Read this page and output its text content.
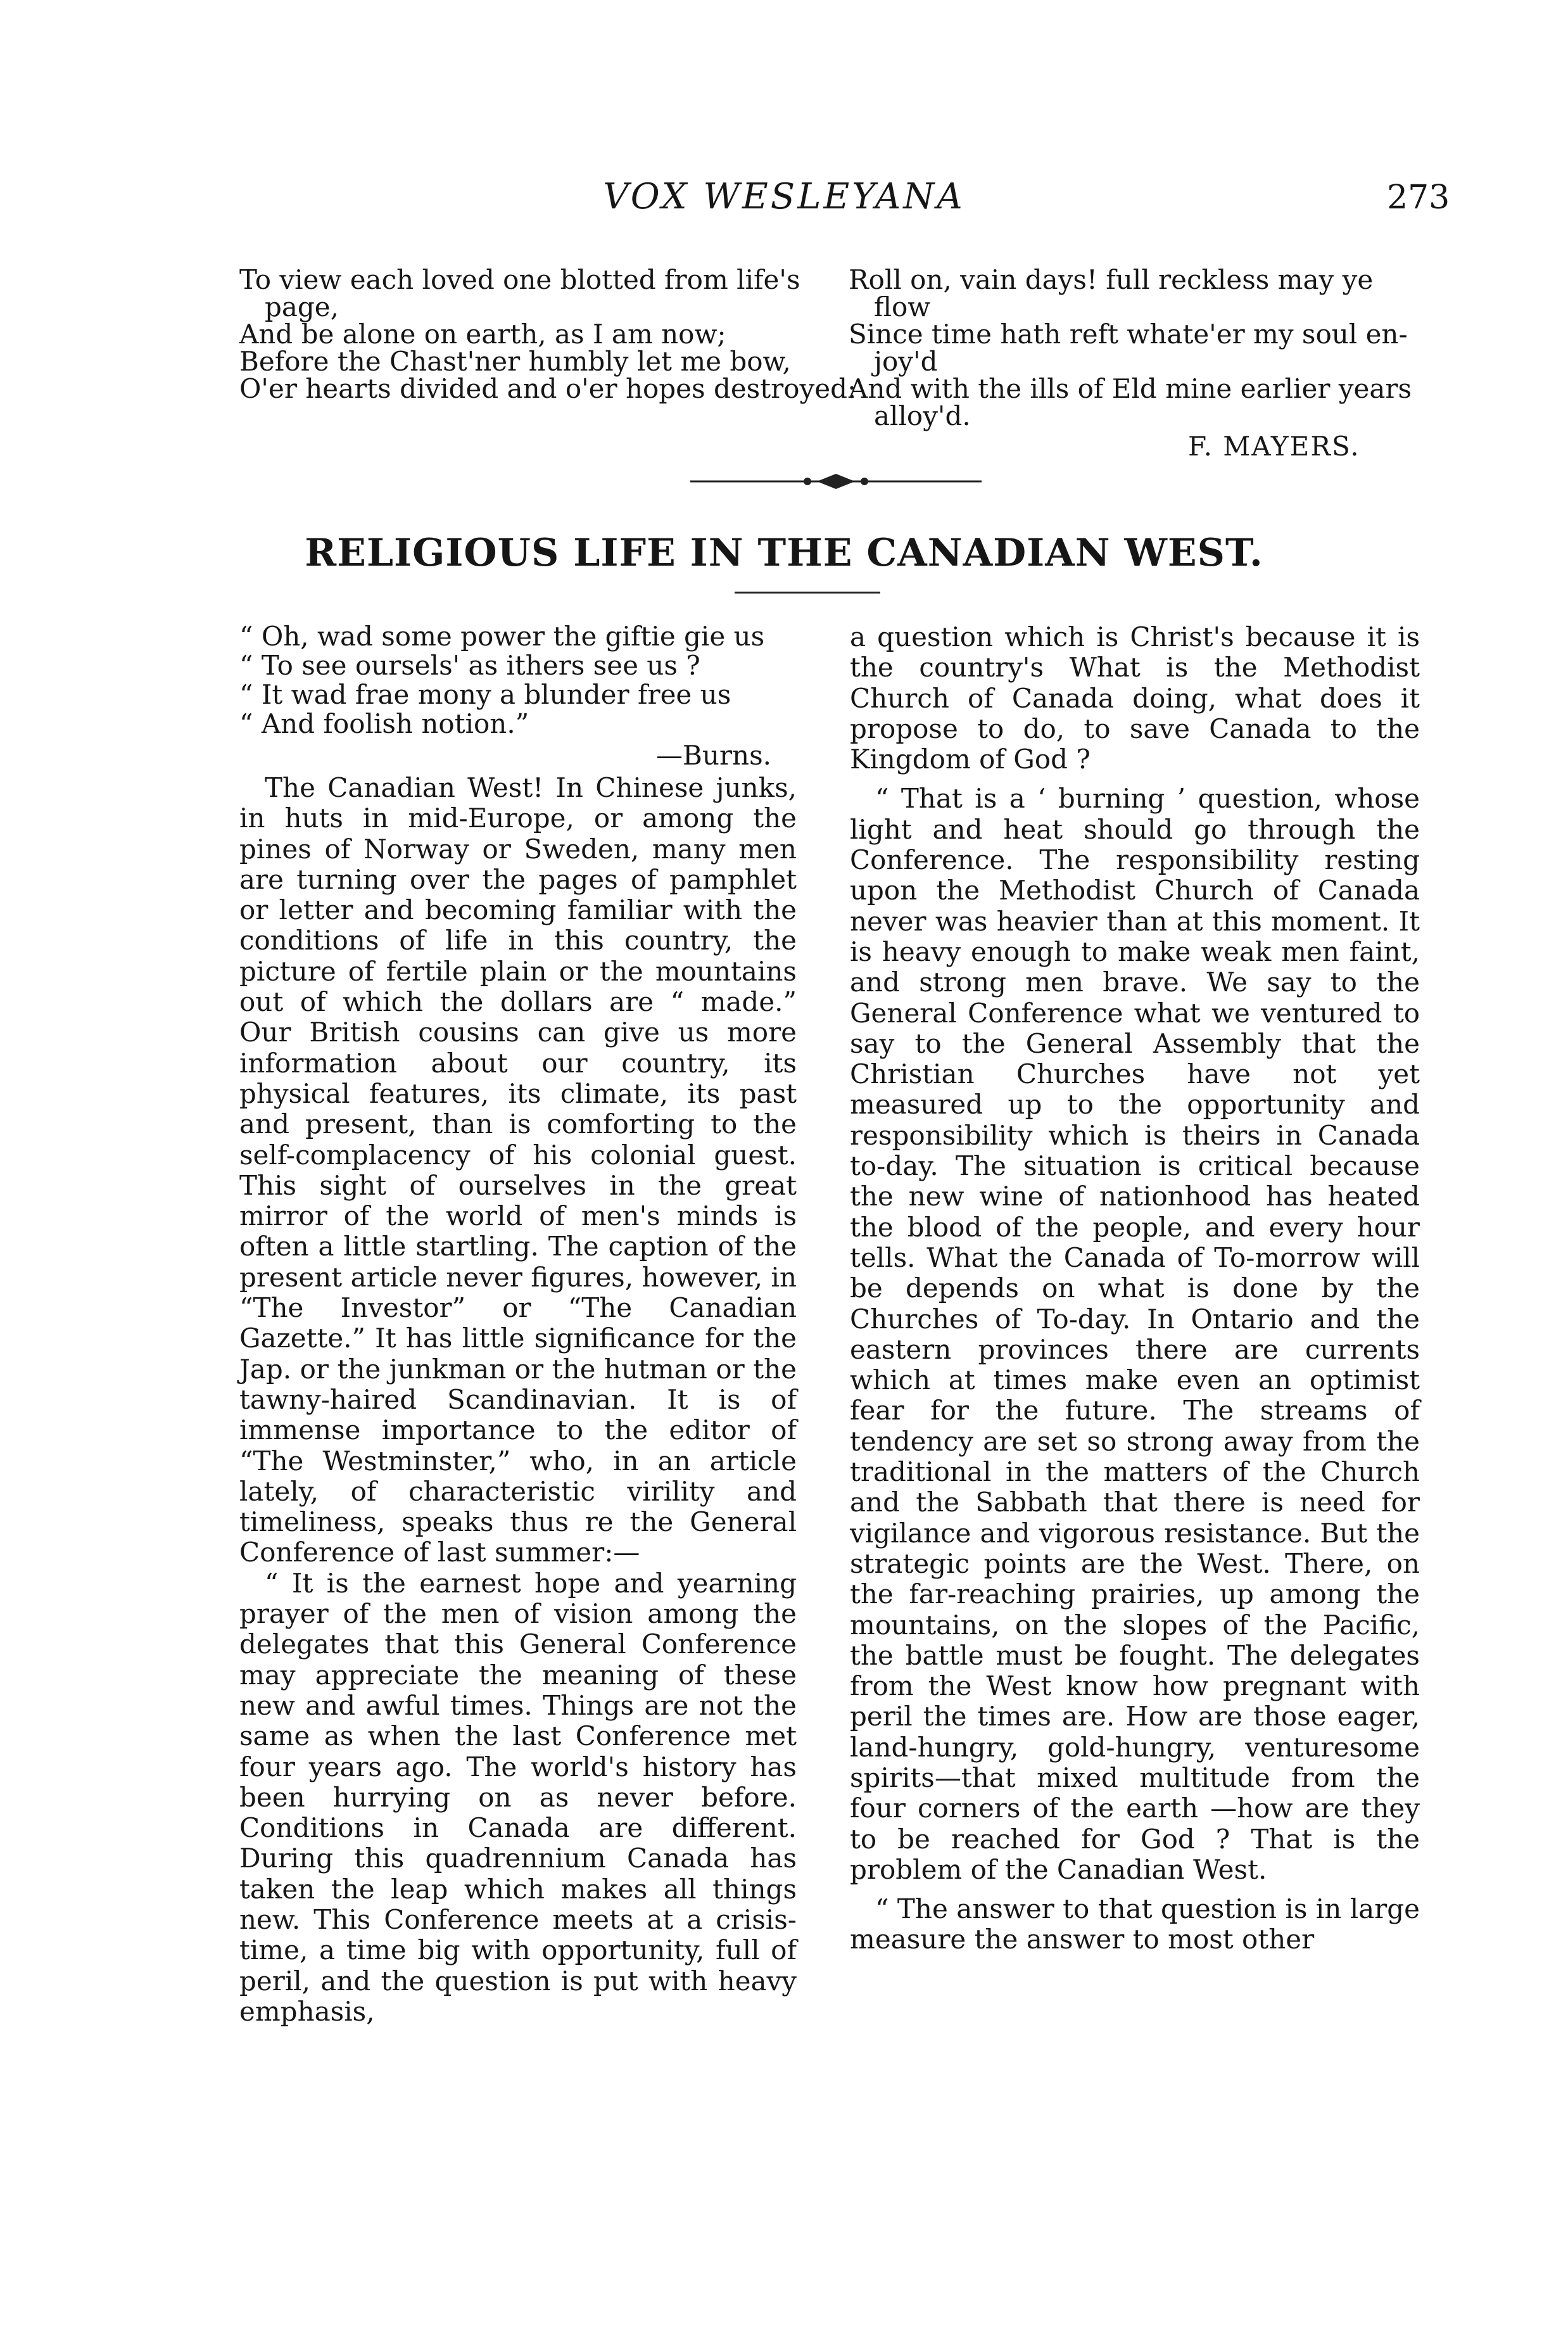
VOX WESLEYANA	273
To view each loved one blotted from life's
page,
And be alone on earth, as I am now;
Before the Chast'ner humbly let me bow,
O'er hearts divided and o'er hopes destroyed:
Roll on, vain days! full reckless may ye
flow
Since time hath reft whate'er my soul en-
joy'd
And with the ills of Eld mine earlier years
alloy'd.
F. MAYERS.
RELIGIOUS LIFE IN THE CANADIAN WEST.
“ Oh, wad some power the giftie gie us
“ To see oursels' as ithers see us ?
“ It wad frae mony a blunder free us
“ And foolish notion.”
—Burns.

The Canadian West! In Chinese junks, in huts in mid-Europe, or among the pines of Norway or Sweden, many men are turning over the pages of pamphlet or letter and becoming familiar with the conditions of life in this country, the picture of fertile plain or the mountains out of which the dollars are “ made.” Our British cousins can give us more information about our country, its physical features, its climate, its past and present, than is comforting to the self-complacency of his colonial guest. This sight of ourselves in the great mirror of the world of men's minds is often a little startling. The caption of the present article never figures, however, in “The Investor” or “The Canadian Gazette.” It has little significance for the Jap. or the junkman or the hutman or the tawny-haired Scandinavian. It is of immense importance to the editor of “The Westminster,” who, in an article lately, of characteristic virility and timeliness, speaks thus re the General Conference of last summer:—

“ It is the earnest hope and yearning prayer of the men of vision among the delegates that this General Conference may appreciate the meaning of these new and awful times. Things are not the same as when the last Conference met four years ago. The world's history has been hurrying on as never before. Conditions in Canada are different. During this quadrennium Canada has taken the leap which makes all things new. This Conference meets at a crisis-time, a time big with opportunity, full of peril, and the question is put with heavy emphasis,

a question which is Christ's because it is the country's What is the Methodist Church of Canada doing, what does it propose to do, to save Canada to the Kingdom of God ?

“ That is a ‘ burning ’ question, whose light and heat should go through the Conference. The responsibility resting upon the Methodist Church of Canada never was heavier than at this moment. It is heavy enough to make weak men faint, and strong men brave. We say to the General Conference what we ventured to say to the General Assembly that the Christian Churches have not yet measured up to the opportunity and responsibility which is theirs in Canada to-day. The situation is critical because the new wine of nationhood has heated the blood of the people, and every hour tells. What the Canada of To-morrow will be depends on what is done by the Churches of To-day. In Ontario and the eastern provinces there are currents which at times make even an optimist fear for the future. The streams of tendency are set so strong away from the traditional in the matters of the Church and the Sabbath that there is need for vigilance and vigorous resistance. But the strategic points are the West. There, on the far-reaching prairies, up among the mountains, on the slopes of the Pacific, the battle must be fought. The delegates from the West know how pregnant with peril the times are. How are those eager, land-hungry, gold-hungry, venturesome spirits—that mixed multitude from the four corners of the earth —how are they to be reached for God ? That is the problem of the Canadian West.

“ The answer to that question is in large measure the answer to most other
